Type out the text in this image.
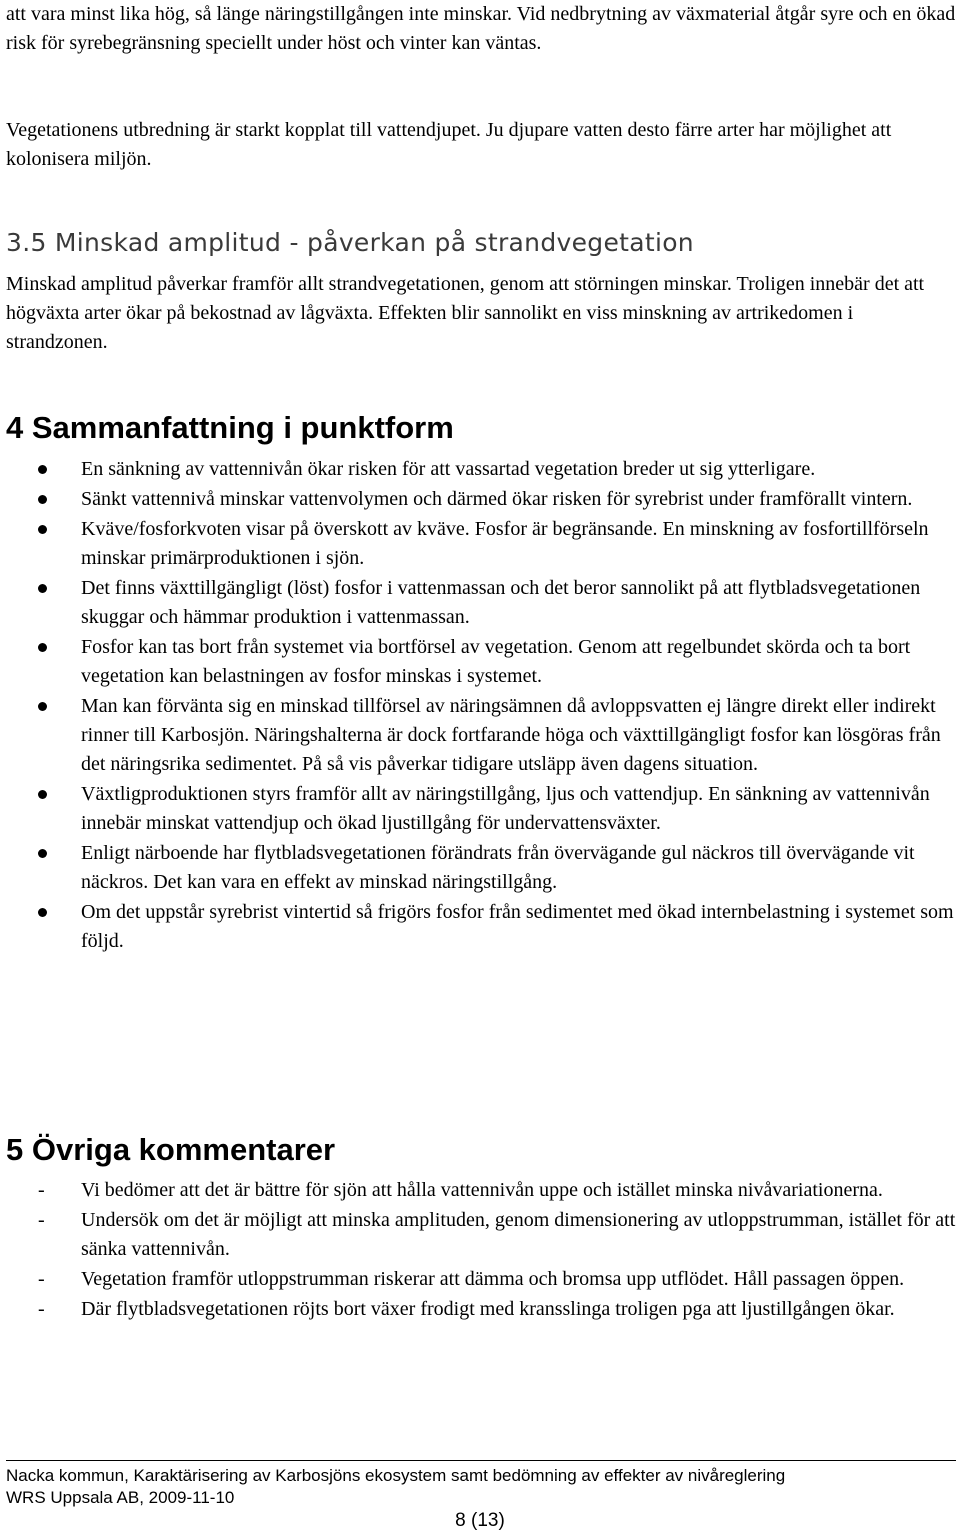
att vara minst lika hög, så länge näringstillgången inte minskar. Vid nedbrytning av växmaterial åtgår syre och en ökad risk för syrebegränsning speciellt under höst och vinter kan väntas.

Vegetationens utbredning är starkt kopplat till vattendjupet. Ju djupare vatten desto färre arter har möjlighet att kolonisera miljön.

3.5 Minskad amplitud - påverkan på strandvegetation

Minskad amplitud påverkar framför allt strandvegetationen, genom att störningen minskar. Troligen innebär det att högväxta arter ökar på bekostnad av lågväxta. Effekten blir sannolikt en viss minskning av artrikedomen i strandzonen.

4 Sammanfattning i punktform
En sänkning av vattennivån ökar risken för att vassartad vegetation breder ut sig ytterligare.
Sänkt vattennivå minskar vattenvolymen och därmed ökar risken för syrebrist under framförallt vintern.
Kväve/fosforkvoten visar på överskott av kväve. Fosfor är begränsande. En minskning av fosfortillförseln minskar primärproduktionen i sjön.
Det finns växttillgängligt (löst) fosfor i vattenmassan och det beror sannolikt på att flytbladsvegetationen skuggar och hämmar produktion i vattenmassan.
Fosfor kan tas bort från systemet via bortförsel av vegetation. Genom att regelbundet skörda och ta bort vegetation kan belastningen av fosfor minskas i systemet.
Man kan förvänta sig en minskad tillförsel av näringsämnen då avloppsvatten ej längre direkt eller indirekt rinner till Karbosjön. Näringshalterna är dock fortfarande höga och växttillgängligt fosfor kan lösgöras från det näringsrika sedimentet. På så vis påverkar tidigare utsläpp även dagens situation.
Växtligproduktionen styrs framför allt av näringstillgång, ljus och vattendjup. En sänkning av vattennivån innebär minskat vattendjup och ökad ljustillgång för undervattensväxter.
Enligt närboende har flytbladsvegetationen förändrats från övervägande gul näckros till övervägande vit näckros. Det kan vara en effekt av minskad näringstillgång.
Om det uppstår syrebrist vintertid så frigörs fosfor från sedimentet med ökad internbelastning i systemet som följd.
5 Övriga kommentarer
- Vi bedömer att det är bättre för sjön att hålla vattennivån uppe och istället minska nivåvariationerna.
- Undersök om det är möjligt att minska amplituden, genom dimensionering av utloppstrumman, istället för att sänka vattennivån.
- Vegetation framför utloppstrumman riskerar att dämma och bromsa upp utflödet. Håll passagen öppen.
- Där flytbladsvegetationen röjts bort växer frodigt med kransslinga troligen pga att ljustillgången ökar.

Nacka kommun, Karaktärisering av Karbosjöns ekosystem samt bedömning av effekter av nivåreglering

WRS Uppsala AB, 2009-11-10

8 (13)
